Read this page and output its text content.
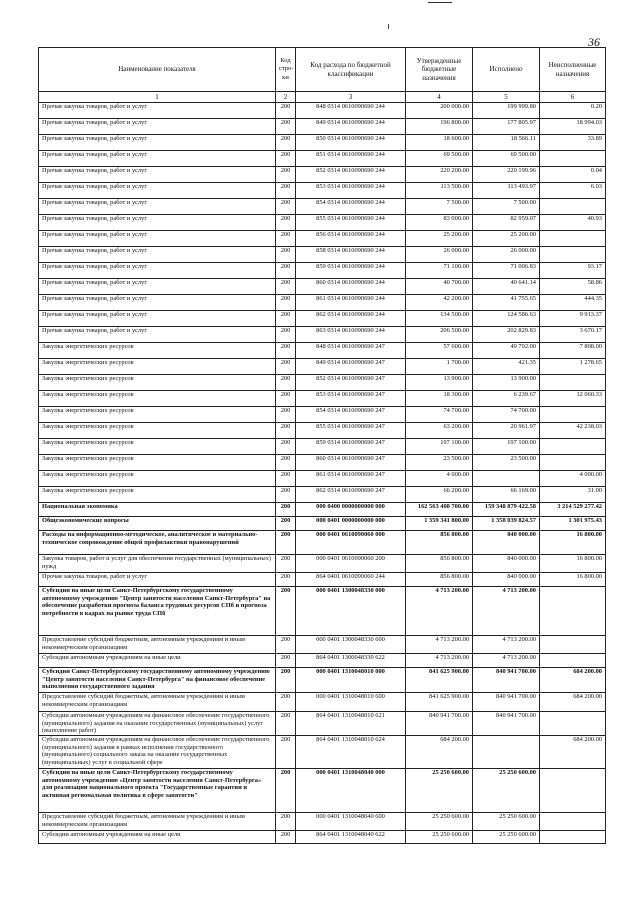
36
Наименование показателя	Код стро-ки	Код расхода по бюджетной классификации	Утвержденные бюджетные назначения	Исполнено	Неисполненные назначения
1	2	3	4	5	6
Прочая закупка товаров, работ и услуг	200	848 0314 0610090690 244	200 000.00	199 999.80	0.20
Прочая закупка товаров, работ и услуг	200	849 0314 0610090690 244	196 800.00	177 805.97	18 994.03
Прочая закупка товаров, работ и услуг	200	850 0314 0610090690 244	18 600.00	18 566.11	33.89
Прочая закупка товаров, работ и услуг	200	851 0314 0610090690 244	69 500.00	69 500.00	
Прочая закупка товаров, работ и услуг	200	852 0314 0610090690 244	220 200.00	220 199.96	0.04
Прочая закупка товаров, работ и услуг	200	853 0314 0610090690 244	113 500.00	113 493.97	6.03
Прочая закупка товаров, работ и услуг	200	854 0314 0610090690 244	7 500.00	7 500.00	
Прочая закупка товаров, работ и услуг	200	855 0314 0610090690 244	83 000.00	82 959.07	40.93
Прочая закупка товаров, работ и услуг	200	856 0314 0610090690 244	25 200.00	25 200.00	
Прочая закупка товаров, работ и услуг	200	858 0314 0610090690 244	26 000.00	26 000.00	
Прочая закупка товаров, работ и услуг	200	859 0314 0610090690 244	71 100.00	71 006.83	93.17
Прочая закупка товаров, работ и услуг	200	860 0314 0610090690 244	40 700.00	40 641.14	58.86
Прочая закупка товаров, работ и услуг	200	861 0314 0610090690 244	42 200.00	41 755.65	444.35
Прочая закупка товаров, работ и услуг	200	862 0314 0610090690 244	134 500.00	124 586.63	9 913.37
Прочая закупка товаров, работ и услуг	200	863 0314 0610090690 244	206 500.00	202 829.83	3 670.17
Закупка энергетических ресурсов	200	848 0314 0610090690 247	57 600.00	49 792.00	7 808.00
Закупка энергетических ресурсов	200	849 0314 0610090690 247	1 700.00	421.35	1 278.65
Закупка энергетических ресурсов	200	852 0314 0610090690 247	13 900.00	13 900.00	
Закупка энергетических ресурсов	200	853 0314 0610090690 247	18 300.00	6 239.67	12 060.33
Закупка энергетических ресурсов	200	854 0314 0610090690 247	74 700.00	74 700.00	
Закупка энергетических ресурсов	200	855 0314 0610090690 247	63 200.00	20 961.97	42 238.03
Закупка энергетических ресурсов	200	859 0314 0610090690 247	197 100.00	197 100.00	
Закупка энергетических ресурсов	200	860 0314 0610090690 247	23 500.00	23 500.00	
Закупка энергетических ресурсов	200	861 0314 0610090690 247	4 000.00		4 000.00
Закупка энергетических ресурсов	200	862 0314 0610090690 247	66 200.00	66 169.00	31.00
Национальная экономика	200	000 0400 0000000000 000	162 563 408 700.00	159 348 879 422.58	3 214 529 277.42
Общеэкономические вопросы	200	000 0401 0000000000 000	1 359 341 800.00	1 358 039 824.57	1 301 975.43
Расходы на информационно-методическое, аналитическое и материально-техническое сопровождение общей профилактики правонарушений	200	000 0401 0610090060 000	856 800.00	840 000.00	16 800.00
Закупка товаров, работ и услуг для обеспечения государственных (муниципальных) нужд	200	000 0401 0610090060 200	856 800.00	840 000.00	16 800.00
Прочая закупка товаров, работ и услуг	200	864 0401 0610090060 244	856 800.00	840 000.00	16 800.00
Субсидии на иные цели Санкт-Петербургскому государственному автономному учреждению "Центр занятости населения Санкт-Петербурга" на обеспечение разработки прогноза баланса трудовых ресурсов СПб и прогноза потребности в кадрах на рынке труда СПб	200	000 0401 1300048330 000	4 713 200.00	4 713 200.00	
Предоставление субсидий бюджетным, автономным учреждениям и иным некоммерческим организациям	200	000 0401 1300048330 600	4 713 200.00	4 713 200.00	
Субсидии автономным учреждениям на иные цели	200	864 0401 1300048330 622	4 713 200.00	4 713 200.00	
Субсидии Санкт-Петербургскому государственному автономному учреждению "Центр занятости населения Санкт-Петербурга" на финансовое обеспечение выполнения государственного задания	200	000 0401 1310048010 000	841 625 900.00	840 941 700.00	684 200.00
Предоставление субсидий бюджетным, автономным учреждениям и иным некоммерческим организациям	200	000 0401 1310048010 600	841 625 900.00	840 941 700.00	684 200.00
Субсидии автономным учреждениям на финансовое обеспечение государственного (муниципального) задания на оказание государственных (муниципальных) услуг (выполнение работ)	200	864 0401 1310048010 621	840 941 700.00	840 941 700.00	
Субсидии автономным учреждениям на финансовое обеспечение государственного (муниципального) задания в рамках исполнения государственного (муниципального) социального заказа на оказание государственных (муниципальных) услуг в социальной сфере	200	864 0401 1310048010 624	684 200.00		684 200.00
Субсидии на иные цели Санкт-Петербургскому государственному автономному учреждению «Центр занятости населения Санкт-Петербурга» для реализации национального проекта "Государственные гарантии и активная региональная политика в сфере занятости"	200	000 0401 1310048040 000	25 250 600.00	25 250 600.00	
Предоставление субсидий бюджетным, автономным учреждениям и иным некоммерческим организациям	200	000 0401 1310048040 600	25 250 600.00	25 250 600.00	
Субсидии автономным учреждениям на иные цели	200	864 0401 1310048040 622	25 250 600.00	25 250 600.00	
